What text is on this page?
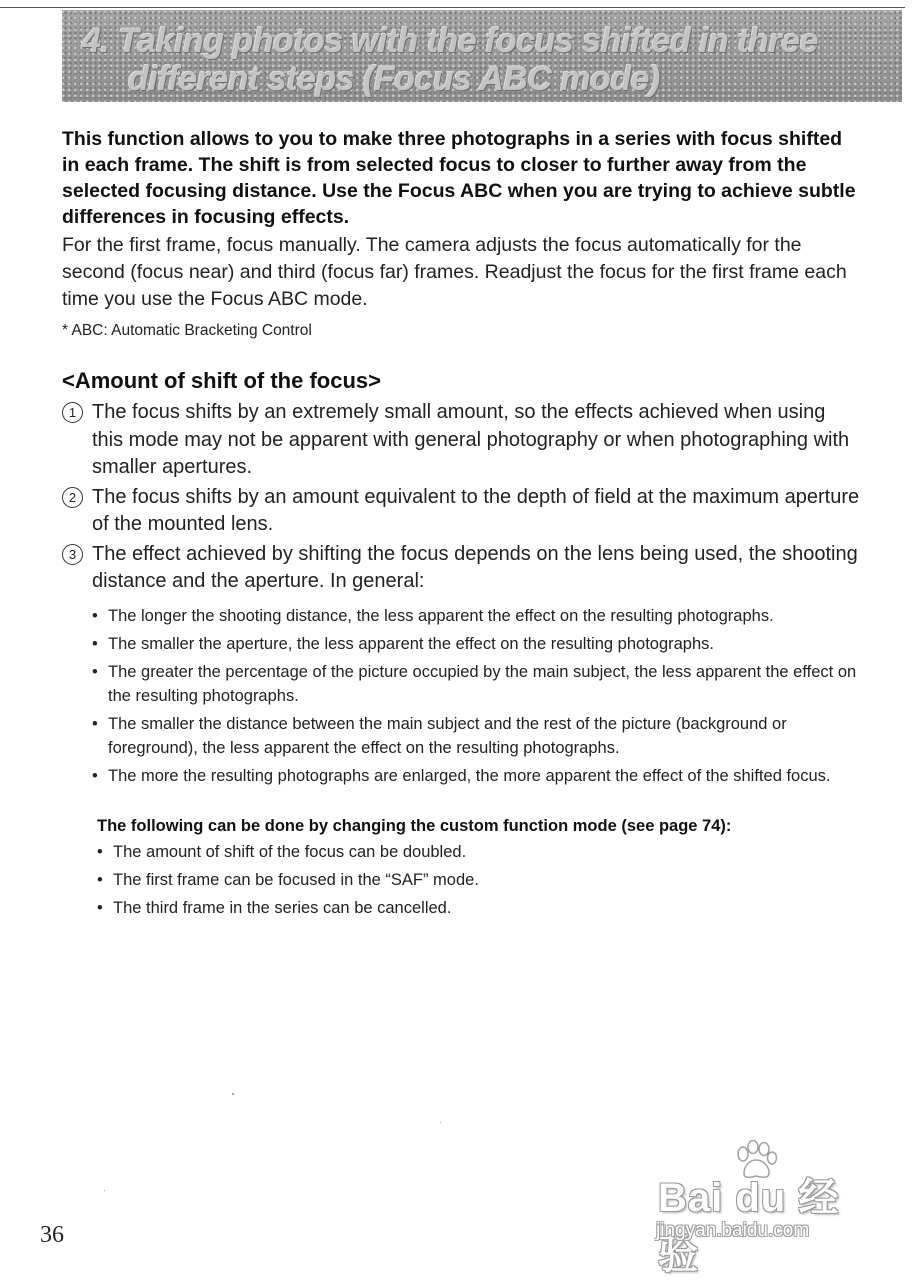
4. Taking photos with the focus shifted in three
different steps (Focus ABC mode)

This function allows to you to make three photographs in a series with focus shifted in each frame. The shift is from selected focus to closer to further away from the selected focusing distance. Use the Focus ABC when you are trying to achieve subtle differences in focusing effects.

For the first frame, focus manually. The camera adjusts the focus automatically for the second (focus near) and third (focus far) frames. Readjust the focus for the first frame each time you use the Focus ABC mode.

* ABC: Automatic Bracketing Control

<Amount of shift of the focus>
1 The focus shifts by an extremely small amount, so the effects achieved when using this mode may not be apparent with general photography or when photographing with smaller apertures.
2 The focus shifts by an amount equivalent to the depth of field at the maximum aperture of the mounted lens.
3 The effect achieved by shifting the focus depends on the lens being used, the shooting distance and the aperture. In general:
• The longer the shooting distance, the less apparent the effect on the resulting photographs.
• The smaller the aperture, the less apparent the effect on the resulting photographs.
• The greater the percentage of the picture occupied by the main subject, the less apparent the effect on the resulting photographs.
• The smaller the distance between the main subject and the rest of the picture (background or foreground), the less apparent the effect on the resulting photographs.
• The more the resulting photographs are enlarged, the more apparent the effect of the shifted focus.
The following can be done by changing the custom function mode (see page 74):
• The amount of shift of the focus can be doubled.
• The first frame can be focused in the “SAF” mode.
• The third frame in the series can be cancelled.
36
Bai du 经验
jingyan.baidu.com
